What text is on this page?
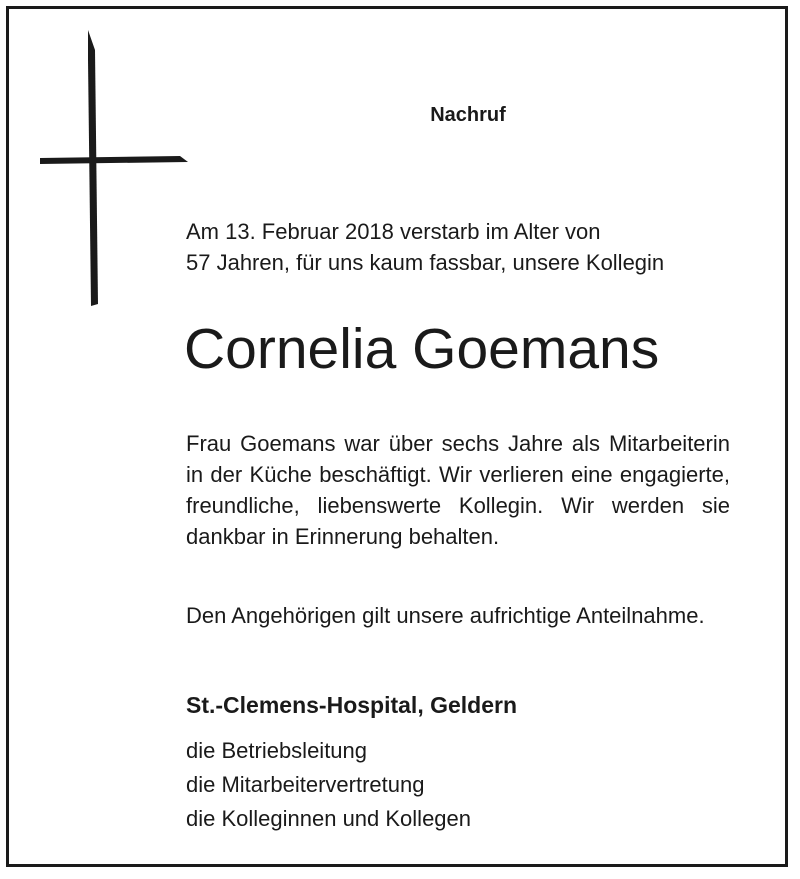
Nachruf
Am 13. Februar 2018 verstarb im Alter von
57 Jahren, für uns kaum fassbar, unsere Kollegin
Cornelia Goemans
Frau Goemans war über sechs Jahre als Mitarbeiterin in der Küche beschäftigt. Wir verlieren eine engagierte, freundliche, liebenswerte Kollegin. Wir werden sie dankbar in Erinnerung behalten.
Den Angehörigen gilt unsere aufrichtige Anteilnahme.
St.-Clemens-Hospital, Geldern
die Betriebsleitung
die Mitarbeitervertretung
die Kolleginnen und Kollegen
